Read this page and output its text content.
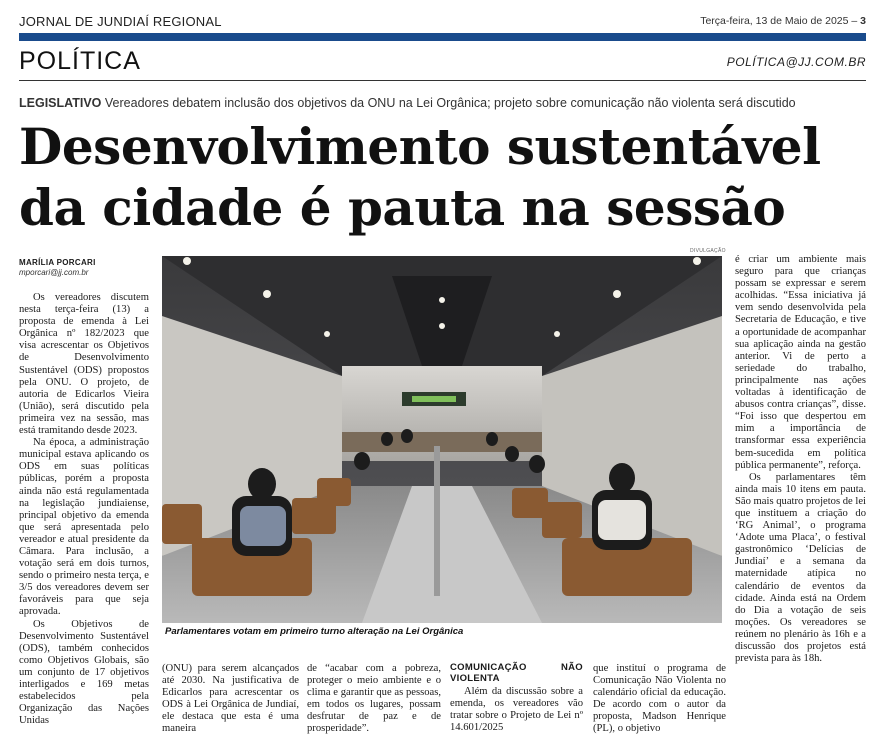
JORNAL DE JUNDIAÍ REGIONAL	Terça-feira, 13 de Maio de 2025 – 3
POLÍTICA	POLÍTICA@JJ.COM.BR
LEGISLATIVO Vereadores debatem inclusão dos objetivos da ONU na Lei Orgânica; projeto sobre comunicação não violenta será discutido
Desenvolvimento sustentável
da cidade é pauta na sessão
MARÍLIA PORCARI
mporcari@jj.com.br

Os vereadores discutem nesta terça-feira (13) a proposta de emenda à Lei Orgânica nº 182/2023 que visa acrescentar os Objetivos de Desenvolvimento Sustentável (ODS) propostos pela ONU. O projeto, de autoria de Edicarlos Vieira (União), será discutido pela primeira vez na sessão, mas está tramitando desde 2023.

Na época, a administração municipal estava aplicando os ODS em suas políticas públicas, porém a proposta ainda não está regulamentada na legislação jundiaiense, principal objetivo da emenda que será apresentada pelo vereador e atual presidente da Câmara. Para inclusão, a votação será em dois turnos, sendo o primeiro nesta terça, e 3/5 dos vereadores devem ser favoráveis para que seja aprovada.

Os Objetivos de Desenvolvimento Sustentável (ODS), também conhecidos como Objetivos Globais, são um conjunto de 17 objetivos interligados e 169 metas estabelecidos pela Organização das Nações Unidas

DIVULGAÇÃO
Parlamentares votam em primeiro turno alteração na Lei Orgânica

(ONU) para serem alcançados até 2030. Na justificativa de Edicarlos para acrescentar os ODS à Lei Orgânica de Jundiaí, ele destaca que esta é uma maneira

de “acabar com a pobreza, proteger o meio ambiente e o clima e garantir que as pessoas, em todos os lugares, possam desfrutar de paz e de prosperidade”.

COMUNICAÇÃO NÃO VIOLENTA

Além da discussão sobre a emenda, os vereadores vão tratar sobre o Projeto de Lei nº 14.601/2025

que instituí o programa de Comunicação Não Violenta no calendário oficial da educação. De acordo com o autor da proposta, Madson Henrique (PL), o objetivo

é criar um ambiente mais seguro para que crianças possam se expressar e serem acolhidas. “Essa iniciativa já vem sendo desenvolvida pela Secretaria de Educação, e tive a oportunidade de acompanhar sua aplicação ainda na gestão anterior. Vi de perto a seriedade do trabalho, principalmente nas ações voltadas à identificação de abusos contra crianças”, disse. “Foi isso que despertou em mim a importância de transformar essa experiência bem-sucedida em política pública permanente”, reforça.

Os parlamentares têm ainda mais 10 itens em pauta. São mais quatro projetos de lei que instituem a criação do ‘RG Animal’, o programa ‘Adote uma Placa’, o festival gastronômico ‘Delícias de Jundiaí’ e a semana da maternidade atípica no calendário de eventos da cidade. Ainda está na Ordem do Dia a votação de seis moções. Os vereadores se reúnem no plenário às 16h e a discussão dos projetos está prevista para às 18h.
